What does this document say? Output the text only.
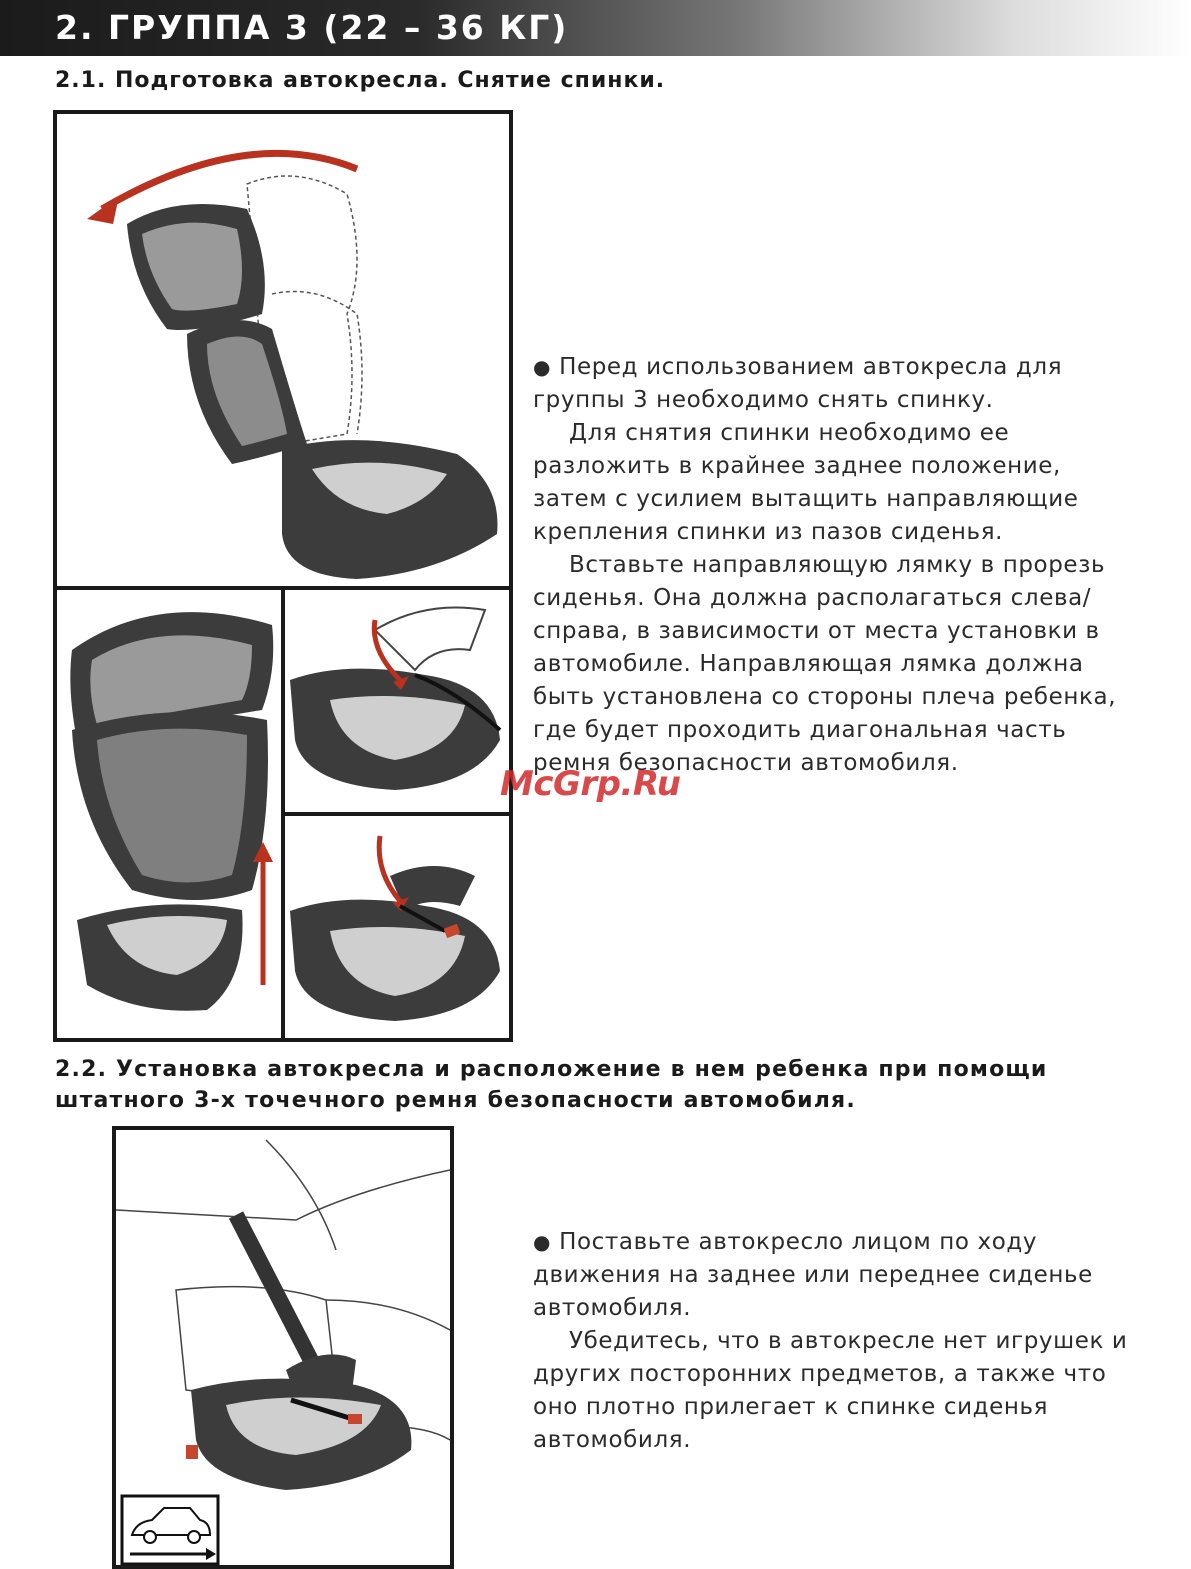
2. ГРУППА 3 (22 – 36 КГ)
2.1. Подготовка автокресла. Снятие спинки.

● Перед использованием автокресла для группы 3 необходимо снять спинку.

Для снятия спинки необходимо ее разложить в крайнее заднее положение, затем с усилием вытащить направляющие крепления спинки из пазов сиденья.

Вставьте направляющую лямку в прорезь сиденья. Она должна располагаться слева/справа, в зависимости от места установки в автомобиле. Направляющая лямка должна быть установлена со стороны плеча ребенка, где будет проходить диагональная часть ремня безопасности автомобиля.

McGrp.Ru
2.2. Установка автокресла и расположение в нем ребенка при помощи
штатного 3-х точечного ремня безопасности автомобиля.

● Поставьте автокресло лицом по ходу движения на заднее или переднее сиденье автомобиля.

Убедитесь, что в автокресле нет игрушек и других посторонних предметов, а также что оно плотно прилегает к спинке сиденья автомобиля.
